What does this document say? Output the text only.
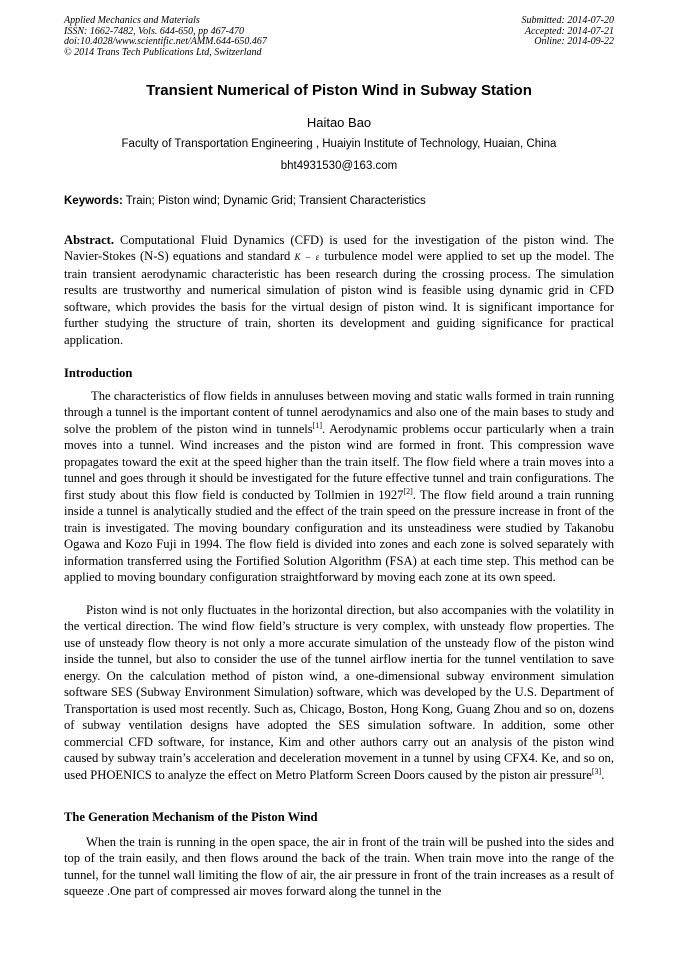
Applied Mechanics and Materials
ISSN: 1662-7482, Vols. 644-650, pp 467-470
doi:10.4028/www.scientific.net/AMM.644-650.467
© 2014 Trans Tech Publications Ltd, Switzerland
Submitted: 2014-07-20
Accepted: 2014-07-21
Online: 2014-09-22
Transient Numerical of Piston Wind in Subway Station
Haitao Bao
Faculty of Transportation Engineering , Huaiyin Institute of Technology, Huaian, China
bht4931530@163.com
Keywords: Train; Piston wind; Dynamic Grid; Transient Characteristics

Abstract. Computational Fluid Dynamics (CFD) is used for the investigation of the piston wind. The Navier-Stokes (N-S) equations and standard K – ε turbulence model were applied to set up the model. The train transient aerodynamic characteristic has been research during the crossing process. The simulation results are trustworthy and numerical simulation of piston wind is feasible using dynamic grid in CFD software, which provides the basis for the virtual design of piston wind. It is significant importance for further studying the structure of train, shorten its development and guiding significance for practical application.

Introduction

The characteristics of flow fields in annuluses between moving and static walls formed in train running through a tunnel is the important content of tunnel aerodynamics and also one of the main bases to study and solve the problem of the piston wind in tunnels[1]. Aerodynamic problems occur particularly when a train moves into a tunnel. Wind increases and the piston wind are formed in front. This compression wave propagates toward the exit at the speed higher than the train itself. The flow field where a train moves into a tunnel and goes through it should be investigated for the future effective tunnel and train configurations. The first study about this flow field is conducted by Tollmien in 1927[2]. The flow field around a train running inside a tunnel is analytically studied and the effect of the train speed on the pressure increase in front of the train is investigated. The moving boundary configuration and its unsteadiness were studied by Takanobu Ogawa and Kozo Fuji in 1994. The flow field is divided into zones and each zone is solved separately with information transferred using the Fortified Solution Algorithm (FSA) at each time step. This method can be applied to moving boundary configuration straightforward by moving each zone at its own speed.

Piston wind is not only fluctuates in the horizontal direction, but also accompanies with the volatility in the vertical direction. The wind flow field’s structure is very complex, with unsteady flow properties. The use of unsteady flow theory is not only a more accurate simulation of the unsteady flow of the piston wind inside the tunnel, but also to consider the use of the tunnel airflow inertia for the tunnel ventilation to save energy. On the calculation method of piston wind, a one-dimensional subway environment simulation software SES (Subway Environment Simulation) software, which was developed by the U.S. Department of Transportation is used most recently. Such as, Chicago, Boston, Hong Kong, Guang Zhou and so on, dozens of subway ventilation designs have adopted the SES simulation software. In addition, some other commercial CFD software, for instance, Kim and other authors carry out an analysis of the piston wind caused by subway train’s acceleration and deceleration movement in a tunnel by using CFX4. Ke, and so on, used PHOENICS to analyze the effect on Metro Platform Screen Doors caused by the piston air pressure[3].

The Generation Mechanism of the Piston Wind

When the train is running in the open space, the air in front of the train will be pushed into the sides and top of the train easily, and then flows around the back of the train. When train move into the range of the tunnel, for the tunnel wall limiting the flow of air, the air pressure in front of the train increases as a result of squeeze .One part of compressed air moves forward along the tunnel in the
